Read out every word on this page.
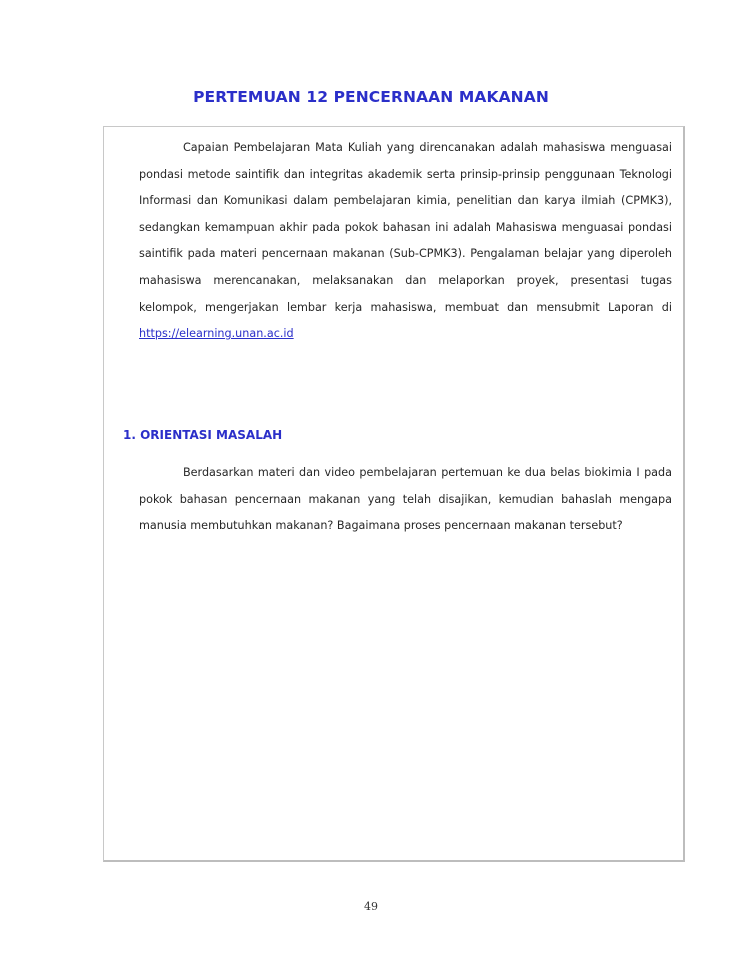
PERTEMUAN 12 PENCERNAAN MAKANAN

Capaian Pembelajaran Mata Kuliah yang direncanakan adalah mahasiswa menguasai pondasi metode saintifik dan integritas akademik serta prinsip-prinsip penggunaan Teknologi Informasi dan Komunikasi dalam pembelajaran kimia, penelitian dan karya ilmiah (CPMK3), sedangkan kemampuan akhir pada pokok bahasan ini adalah Mahasiswa menguasai pondasi saintifik pada materi pencernaan makanan (Sub-CPMK3). Pengalaman belajar yang diperoleh mahasiswa merencanakan, melaksanakan dan melaporkan proyek, presentasi tugas kelompok, mengerjakan lembar kerja mahasiswa, membuat dan mensubmit Laporan di https://elearning.unan.ac.id

1. ORIENTASI MASALAH

Berdasarkan materi dan video pembelajaran pertemuan ke dua belas biokimia I pada pokok bahasan pencernaan makanan yang telah disajikan, kemudian bahaslah mengapa manusia membutuhkan makanan? Bagaimana proses pencernaan makanan tersebut?

49
